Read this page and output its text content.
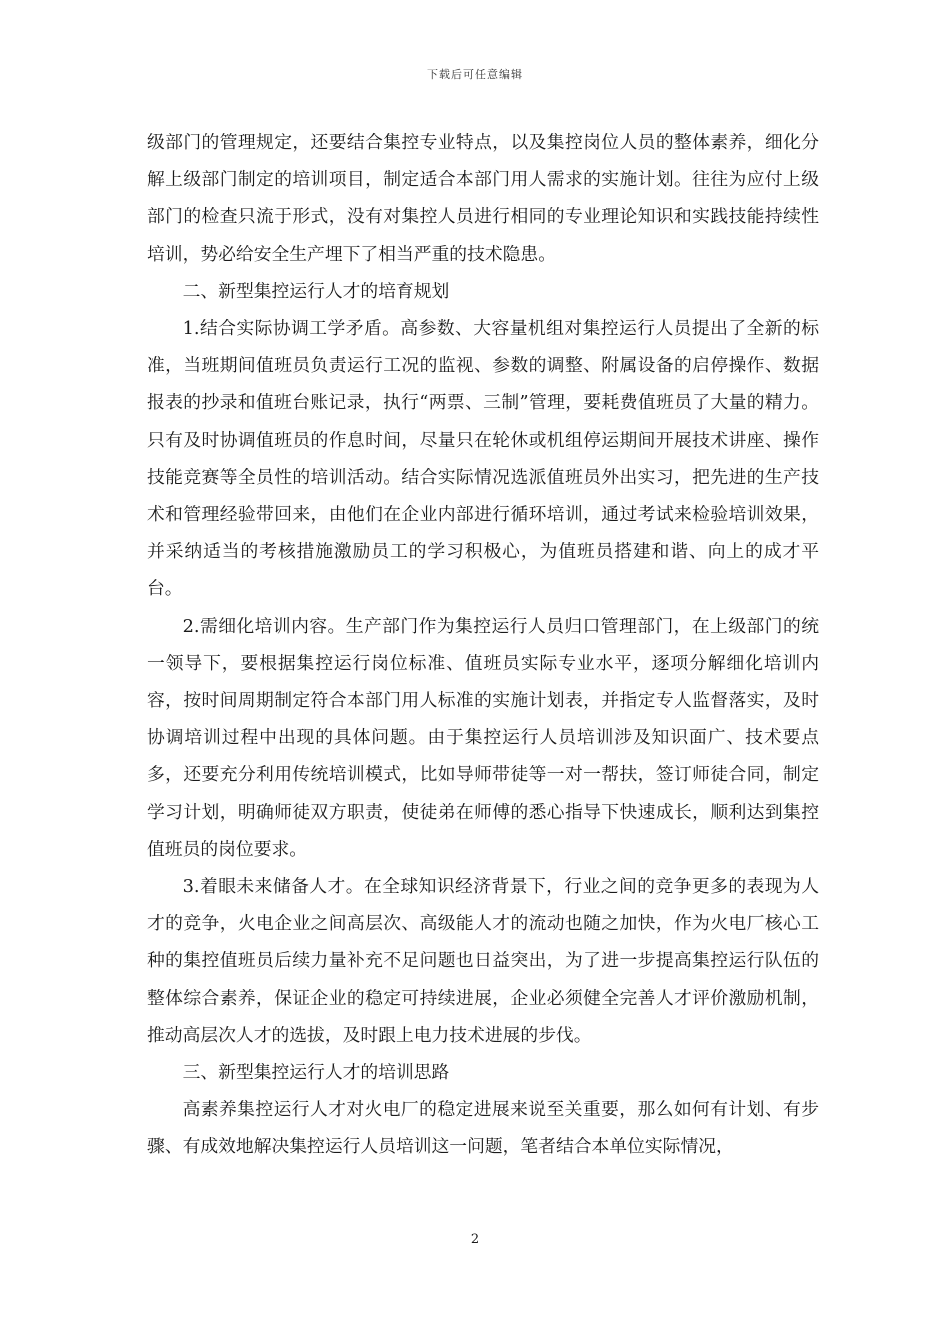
下载后可任意编辑

级部门的管理规定，还要结合集控专业特点，以及集控岗位人员的整体素养，细化分解上级部门制定的培训项目，制定适合本部门用人需求的实施计划。往往为应付上级部门的检查只流于形式，没有对集控人员进行相同的专业理论知识和实践技能持续性培训，势必给安全生产埋下了相当严重的技术隐患。

二、新型集控运行人才的培育规划

1.结合实际协调工学矛盾。高参数、大容量机组对集控运行人员提出了全新的标准，当班期间值班员负责运行工况的监视、参数的调整、附属设备的启停操作、数据报表的抄录和值班台账记录，执行“两票、三制”管理，要耗费值班员了大量的精力。只有及时协调值班员的作息时间，尽量只在轮休或机组停运期间开展技术讲座、操作技能竞赛等全员性的培训活动。结合实际情况选派值班员外出实习，把先进的生产技术和管理经验带回来，由他们在企业内部进行循环培训，通过考试来检验培训效果，并采纳适当的考核措施激励员工的学习积极心，为值班员搭建和谐、向上的成才平台。

2.需细化培训内容。生产部门作为集控运行人员归口管理部门，在上级部门的统一领导下，要根据集控运行岗位标准、值班员实际专业水平，逐项分解细化培训内容，按时间周期制定符合本部门用人标准的实施计划表，并指定专人监督落实，及时协调培训过程中出现的具体问题。由于集控运行人员培训涉及知识面广、技术要点多，还要充分利用传统培训模式，比如导师带徒等一对一帮扶，签订师徒合同，制定学习计划，明确师徒双方职责，使徒弟在师傅的悉心指导下快速成长，顺利达到集控值班员的岗位要求。

3.着眼未来储备人才。在全球知识经济背景下，行业之间的竞争更多的表现为人才的竞争，火电企业之间高层次、高级能人才的流动也随之加快，作为火电厂核心工种的集控值班员后续力量补充不足问题也日益突出，为了进一步提高集控运行队伍的整体综合素养，保证企业的稳定可持续进展，企业必须健全完善人才评价激励机制，推动高层次人才的选拔，及时跟上电力技术进展的步伐。

三、新型集控运行人才的培训思路

高素养集控运行人才对火电厂的稳定进展来说至关重要，那么如何有计划、有步骤、有成效地解决集控运行人员培训这一问题，笔者结合本单位实际情况，

2
